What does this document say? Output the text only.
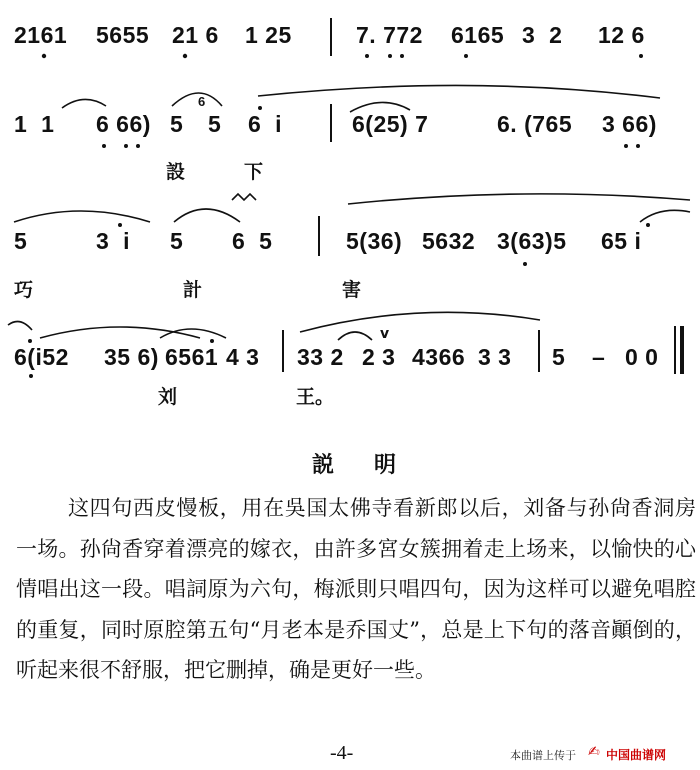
2161 5655 21 6 1 25	7. 772 6165 3  2 12 6
1  1 6 66) 5
6
5 6  i	6(25) 7	6. (765 3 66)
設	下
5	3  i 5 6  5	5(36) 5632 3(63)5 65 i
巧	計	害
6(i52 35 6) 6561 4 3 33 2 2 3
v
4366 3 3 5 – 0 0
刘	王。
説明

这四句西皮慢板，用在吳国太佛寺看新郎以后，刘备与孙尙香洞房一场。孙尙香穿着漂亮的嫁衣，由許多宮女簇拥着走上场来，以愉快的心情唱出这一段。唱詞原为六句，梅派則只唱四句，因为这样可以避免唱腔的重复，同时原腔第五句“月老本是乔国丈”，总是上下句的落音顚倒的，听起来很不舒服，把它删掉，确是更好一些。

-4-	本曲谱上传于 ✍ 中国曲谱网
